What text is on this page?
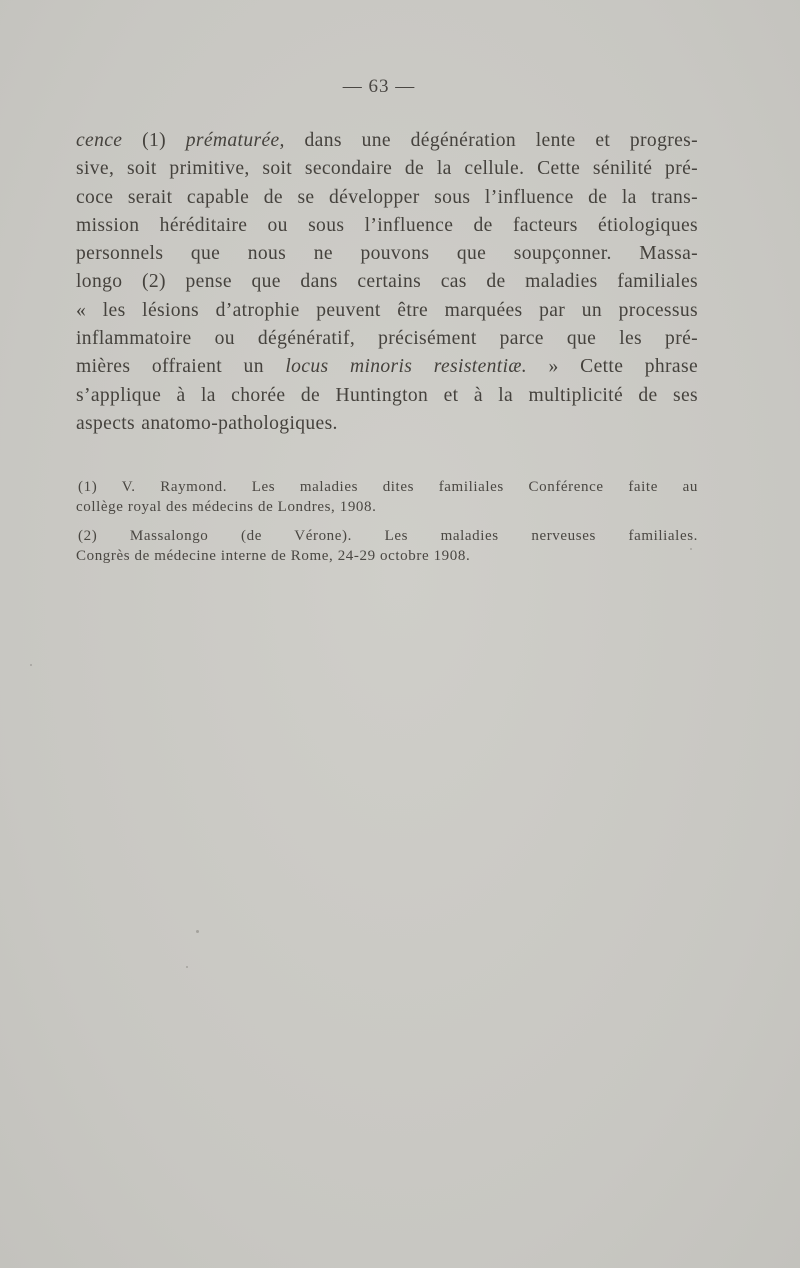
— 63 —
cence (1) prématurée, dans une dégénération lente et progres-
sive, soit primitive, soit secondaire de la cellule. Cette sénilité pré-
coce serait capable de se développer sous l’influence de la trans-
mission héréditaire ou sous l’influence de facteurs étiologiques
personnels que nous ne pouvons que soupçonner. Massa-
longo (2) pense que dans certains cas de maladies familiales
« les lésions d’atrophie peuvent être marquées par un processus
inflammatoire ou dégénératif, précisément parce que les pré-
mières offraient un locus minoris resistentiæ. » Cette phrase
s’applique à la chorée de Huntington et à la multiplicité de ses
aspects anatomo-pathologiques.
(1) V. Raymond. Les maladies dites familiales Conférence faite au
collège royal des médecins de Londres, 1908.
(2) Massalongo (de Vérone). Les maladies nerveuses familiales.
Congrès de médecine interne de Rome, 24-29 octobre 1908.
